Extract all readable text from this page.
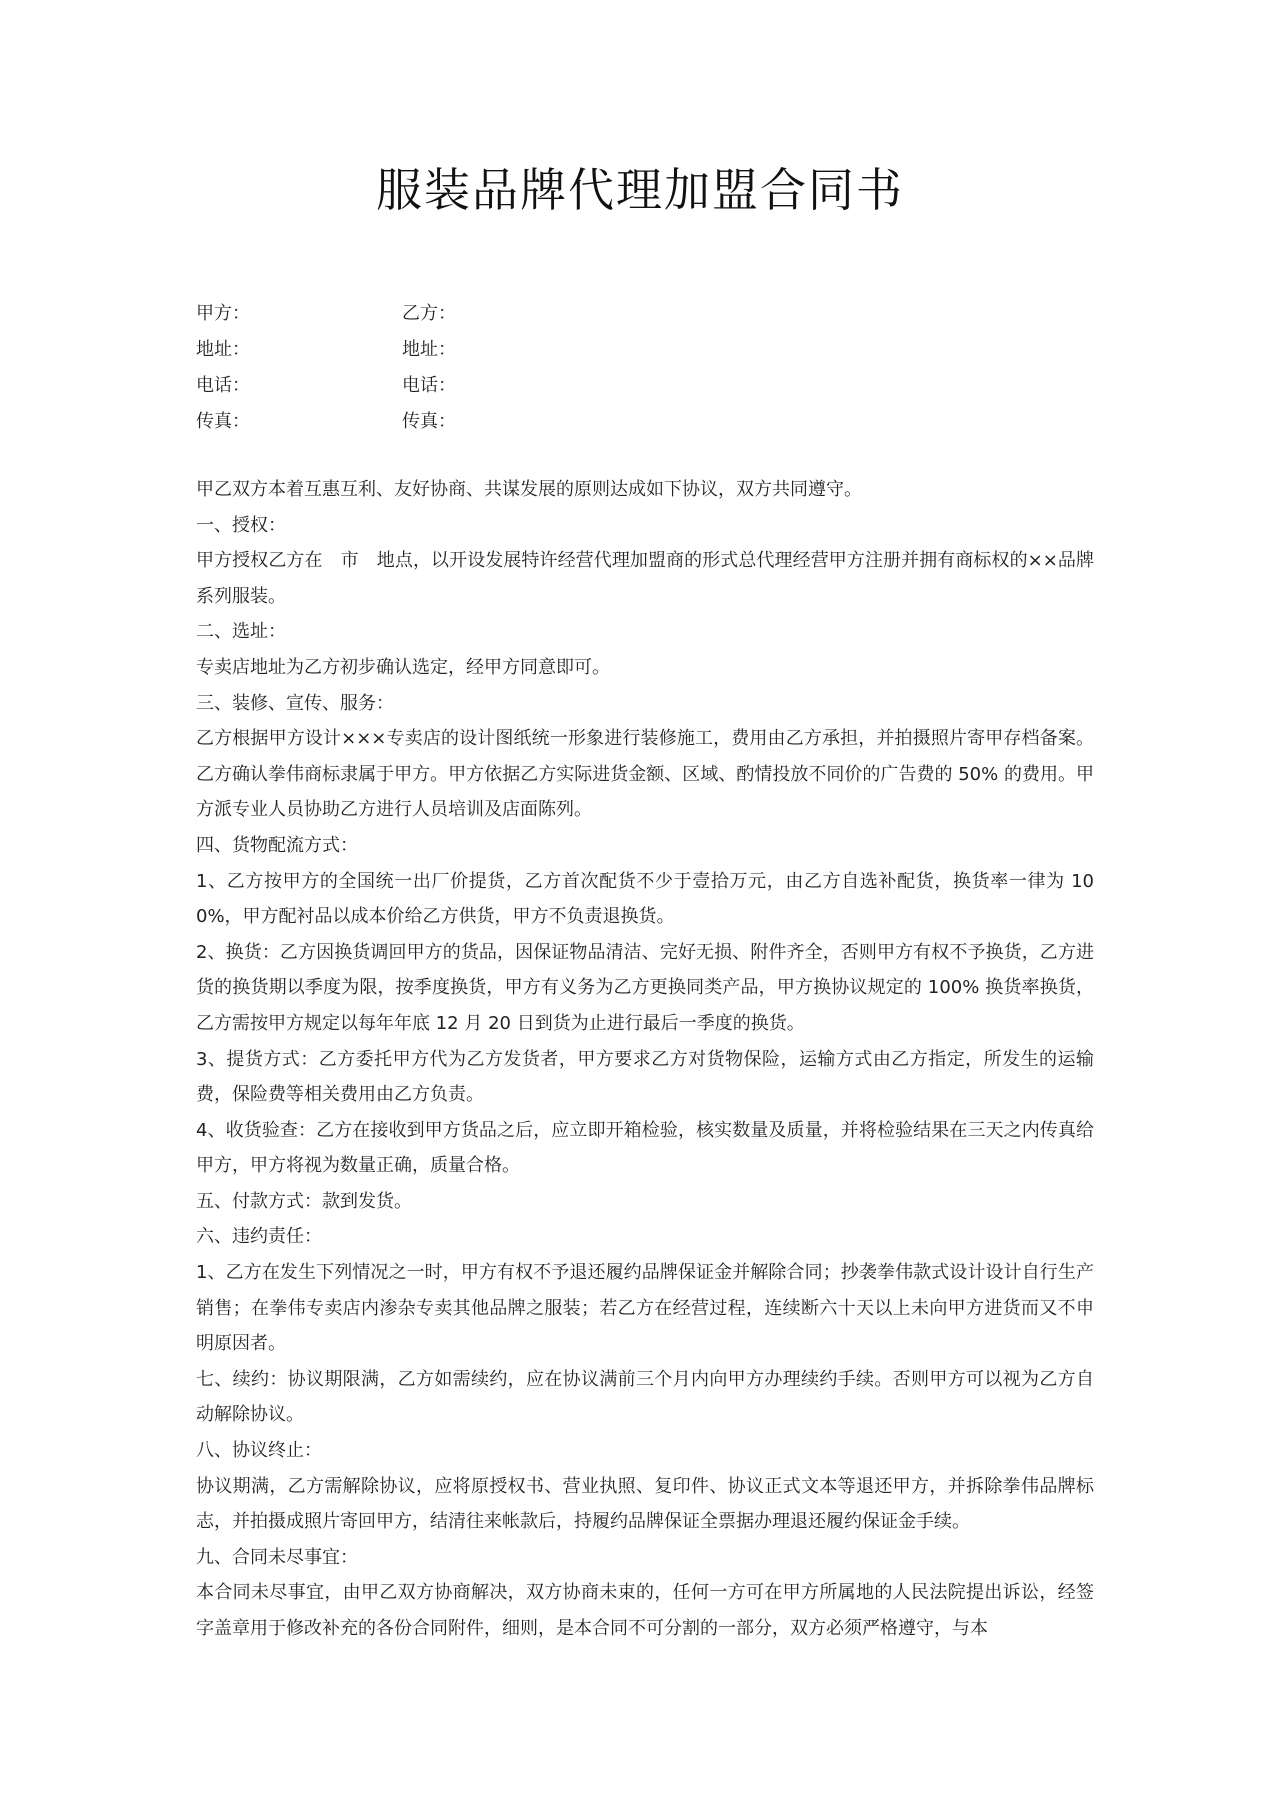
服装品牌代理加盟合同书
甲方：	乙方：
地址：	地址：
电话：	电话：
传真：	传真：

甲乙双方本着互惠互利、友好协商、共谋发展的原则达成如下协议，双方共同遵守。

一、授权：

甲方授权乙方在　市　地点，以开设发展特许经营代理加盟商的形式总代理经营甲方注册并拥有商标权的××品牌系列服装。

二、选址：

专卖店地址为乙方初步确认选定，经甲方同意即可。

三、装修、宣传、服务：

乙方根据甲方设计×××专卖店的设计图纸统一形象进行装修施工，费用由乙方承担，并拍摄照片寄甲存档备案。乙方确认拳伟商标隶属于甲方。甲方依据乙方实际进货金额、区域、酌情投放不同价的广告费的 50% 的费用。甲方派专业人员协助乙方进行人员培训及店面陈列。

四、货物配流方式：

1、乙方按甲方的全国统一出厂价提货，乙方首次配货不少于壹拾万元，由乙方自选补配货，换货率一律为 100%，甲方配衬品以成本价给乙方供货，甲方不负责退换货。

2、换货：乙方因换货调回甲方的货品，因保证物品清洁、完好无损、附件齐全，否则甲方有权不予换货，乙方进货的换货期以季度为限，按季度换货，甲方有义务为乙方更换同类产品，甲方换协议规定的 100% 换货率换货，乙方需按甲方规定以每年年底 12 月 20 日到货为止进行最后一季度的换货。

3、提货方式：乙方委托甲方代为乙方发货者，甲方要求乙方对货物保险，运输方式由乙方指定，所发生的运输费，保险费等相关费用由乙方负责。

4、收货验查：乙方在接收到甲方货品之后，应立即开箱检验，核实数量及质量，并将检验结果在三天之内传真给甲方，甲方将视为数量正确，质量合格。

五、付款方式：款到发货。

六、违约责任：

1、乙方在发生下列情况之一时，甲方有权不予退还履约品牌保证金并解除合同；抄袭拳伟款式设计设计自行生产销售；在拳伟专卖店内渗杂专卖其他品牌之服装；若乙方在经营过程，连续断六十天以上未向甲方进货而又不申明原因者。

七、续约：协议期限满，乙方如需续约，应在协议满前三个月内向甲方办理续约手续。否则甲方可以视为乙方自动解除协议。

八、协议终止：

协议期满，乙方需解除协议，应将原授权书、营业执照、复印件、协议正式文本等退还甲方，并拆除拳伟品牌标志，并拍摄成照片寄回甲方，结清往来帐款后，持履约品牌保证全票据办理退还履约保证金手续。

九、合同未尽事宜：

本合同未尽事宜，由甲乙双方协商解决，双方协商未束的，任何一方可在甲方所属地的人民法院提出诉讼，经签字盖章用于修改补充的各份合同附件，细则，是本合同不可分割的一部分，双方必须严格遵守，与本
